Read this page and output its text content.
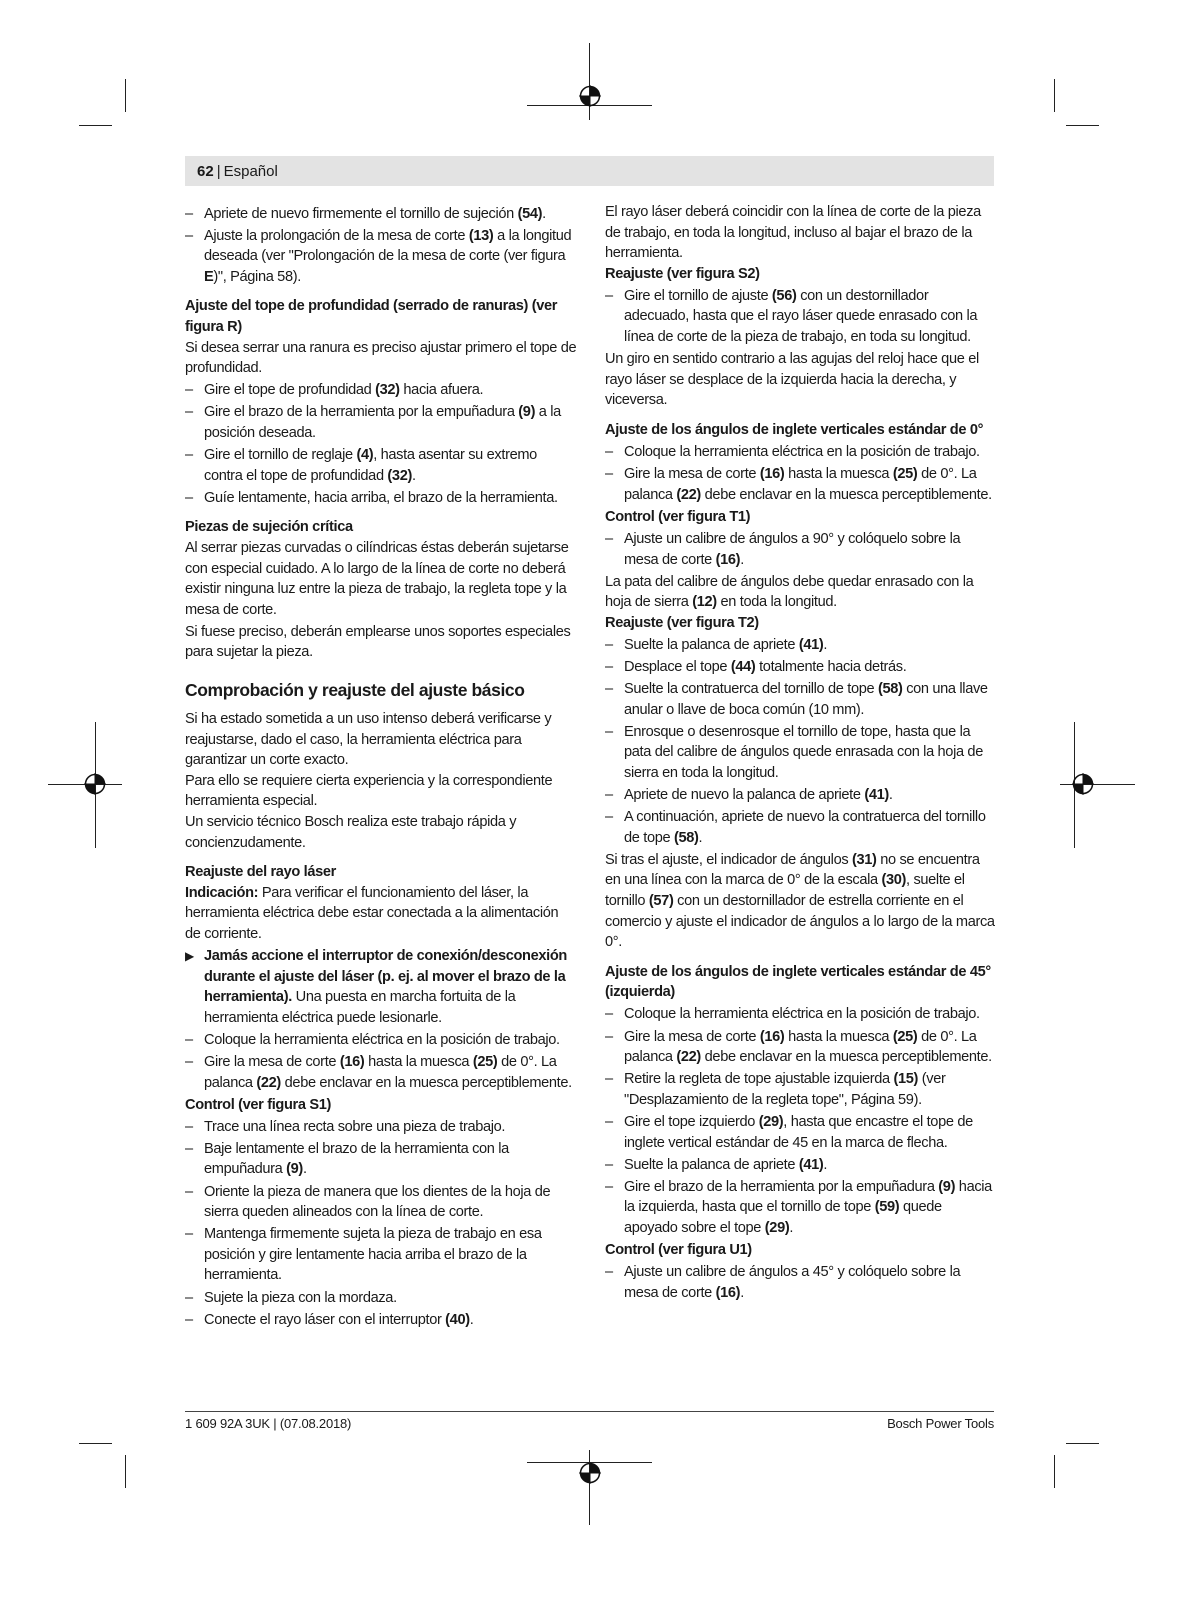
62 | Español

– Apriete de nuevo firmemente el tornillo de sujeción (54).

– Ajuste la prolongación de la mesa de corte (13) a la longitud deseada (ver "Prolongación de la mesa de corte (ver figura E)", Página 58).

Ajuste del tope de profundidad (serrado de ranuras) (ver figura R)

Si desea serrar una ranura es preciso ajustar primero el tope de profundidad.

– Gire el tope de profundidad (32) hacia afuera.

– Gire el brazo de la herramienta por la empuñadura (9) a la posición deseada.

– Gire el tornillo de reglaje (4), hasta asentar su extremo contra el tope de profundidad (32).

– Guíe lentamente, hacia arriba, el brazo de la herramienta.

Piezas de sujeción crítica

Al serrar piezas curvadas o cilíndricas éstas deberán sujetarse con especial cuidado. A lo largo de la línea de corte no deberá existir ninguna luz entre la pieza de trabajo, la regleta tope y la mesa de corte.

Si fuese preciso, deberán emplearse unos soportes especiales para sujetar la pieza.

Comprobación y reajuste del ajuste básico

Si ha estado sometida a un uso intenso deberá verificarse y reajustarse, dado el caso, la herramienta eléctrica para garantizar un corte exacto.

Para ello se requiere cierta experiencia y la correspondiente herramienta especial.

Un servicio técnico Bosch realiza este trabajo rápida y concienzudamente.

Reajuste del rayo láser

Indicación: Para verificar el funcionamiento del láser, la herramienta eléctrica debe estar conectada a la alimentación de corriente.

▶ Jamás accione el interruptor de conexión/desconexión durante el ajuste del láser (p. ej. al mover el brazo de la herramienta). Una puesta en marcha fortuita de la herramienta eléctrica puede lesionarle.

– Coloque la herramienta eléctrica en la posición de trabajo.

– Gire la mesa de corte (16) hasta la muesca (25) de 0°. La palanca (22) debe enclavar en la muesca perceptiblemente.

Control (ver figura S1)

– Trace una línea recta sobre una pieza de trabajo.

– Baje lentamente el brazo de la herramienta con la empuñadura (9).

– Oriente la pieza de manera que los dientes de la hoja de sierra queden alineados con la línea de corte.

– Mantenga firmemente sujeta la pieza de trabajo en esa posición y gire lentamente hacia arriba el brazo de la herramienta.

– Sujete la pieza con la mordaza.

– Conecte el rayo láser con el interruptor (40).

El rayo láser deberá coincidir con la línea de corte de la pieza de trabajo, en toda la longitud, incluso al bajar el brazo de la herramienta.

Reajuste (ver figura S2)

– Gire el tornillo de ajuste (56) con un destornillador adecuado, hasta que el rayo láser quede enrasado con la línea de corte de la pieza de trabajo, en toda su longitud.

Un giro en sentido contrario a las agujas del reloj hace que el rayo láser se desplace de la izquierda hacia la derecha, y viceversa.

Ajuste de los ángulos de inglete verticales estándar de 0°

– Coloque la herramienta eléctrica en la posición de trabajo.

– Gire la mesa de corte (16) hasta la muesca (25) de 0°. La palanca (22) debe enclavar en la muesca perceptiblemente.

Control (ver figura T1)

– Ajuste un calibre de ángulos a 90° y colóquelo sobre la mesa de corte (16).

La pata del calibre de ángulos debe quedar enrasado con la hoja de sierra (12) en toda la longitud.

Reajuste (ver figura T2)

– Suelte la palanca de apriete (41).

– Desplace el tope (44) totalmente hacia detrás.

– Suelte la contratuerca del tornillo de tope (58) con una llave anular o llave de boca común (10 mm).

– Enrosque o desenrosque el tornillo de tope, hasta que la pata del calibre de ángulos quede enrasada con la hoja de sierra en toda la longitud.

– Apriete de nuevo la palanca de apriete (41).

– A continuación, apriete de nuevo la contratuerca del tornillo de tope (58).

Si tras el ajuste, el indicador de ángulos (31) no se encuentra en una línea con la marca de 0° de la escala (30), suelte el tornillo (57) con un destornillador de estrella corriente en el comercio y ajuste el indicador de ángulos a lo largo de la marca 0°.

Ajuste de los ángulos de inglete verticales estándar de 45° (izquierda)

– Coloque la herramienta eléctrica en la posición de trabajo.

– Gire la mesa de corte (16) hasta la muesca (25) de 0°. La palanca (22) debe enclavar en la muesca perceptiblemente.

– Retire la regleta de tope ajustable izquierda (15) (ver "Desplazamiento de la regleta tope", Página 59).

– Gire el tope izquierdo (29), hasta que encastre el tope de inglete vertical estándar de 45 en la marca de flecha.

– Suelte la palanca de apriete (41).

– Gire el brazo de la herramienta por la empuñadura (9) hacia la izquierda, hasta que el tornillo de tope (59) quede apoyado sobre el tope (29).

Control (ver figura U1)

– Ajuste un calibre de ángulos a 45° y colóquelo sobre la mesa de corte (16).

1 609 92A 3UK | (07.08.2018)	Bosch Power Tools
